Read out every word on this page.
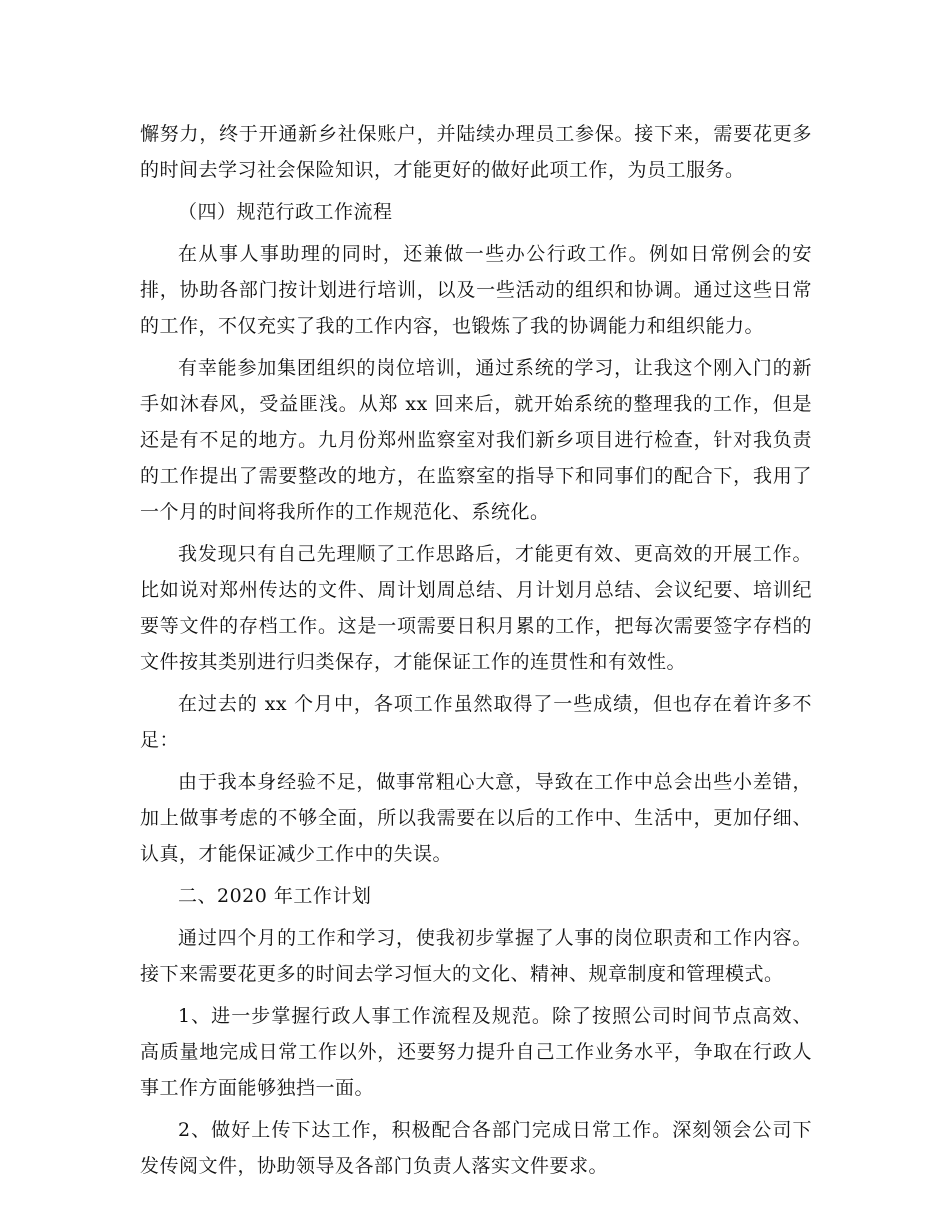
懈努力，终于开通新乡社保账户，并陆续办理员工参保。接下来，需要花更多的时间去学习社会保险知识，才能更好的做好此项工作，为员工服务。

（四）规范行政工作流程

在从事人事助理的同时，还兼做一些办公行政工作。例如日常例会的安排，协助各部门按计划进行培训，以及一些活动的组织和协调。通过这些日常的工作，不仅充实了我的工作内容，也锻炼了我的协调能力和组织能力。

有幸能参加集团组织的岗位培训，通过系统的学习，让我这个刚入门的新手如沐春风，受益匪浅。从郑 xx 回来后，就开始系统的整理我的工作，但是还是有不足的地方。九月份郑州监察室对我们新乡项目进行检查，针对我负责的工作提出了需要整改的地方，在监察室的指导下和同事们的配合下，我用了一个月的时间将我所作的工作规范化、系统化。

我发现只有自己先理顺了工作思路后，才能更有效、更高效的开展工作。比如说对郑州传达的文件、周计划周总结、月计划月总结、会议纪要、培训纪要等文件的存档工作。这是一项需要日积月累的工作，把每次需要签字存档的文件按其类别进行归类保存，才能保证工作的连贯性和有效性。

在过去的 xx 个月中，各项工作虽然取得了一些成绩，但也存在着许多不足：

由于我本身经验不足，做事常粗心大意，导致在工作中总会出些小差错，加上做事考虑的不够全面，所以我需要在以后的工作中、生活中，更加仔细、认真，才能保证减少工作中的失误。

二、2020 年工作计划

通过四个月的工作和学习，使我初步掌握了人事的岗位职责和工作内容。接下来需要花更多的时间去学习恒大的文化、精神、规章制度和管理模式。

1、进一步掌握行政人事工作流程及规范。除了按照公司时间节点高效、高质量地完成日常工作以外，还要努力提升自己工作业务水平，争取在行政人事工作方面能够独挡一面。

2、做好上传下达工作，积极配合各部门完成日常工作。深刻领会公司下发传阅文件，协助领导及各部门负责人落实文件要求。
